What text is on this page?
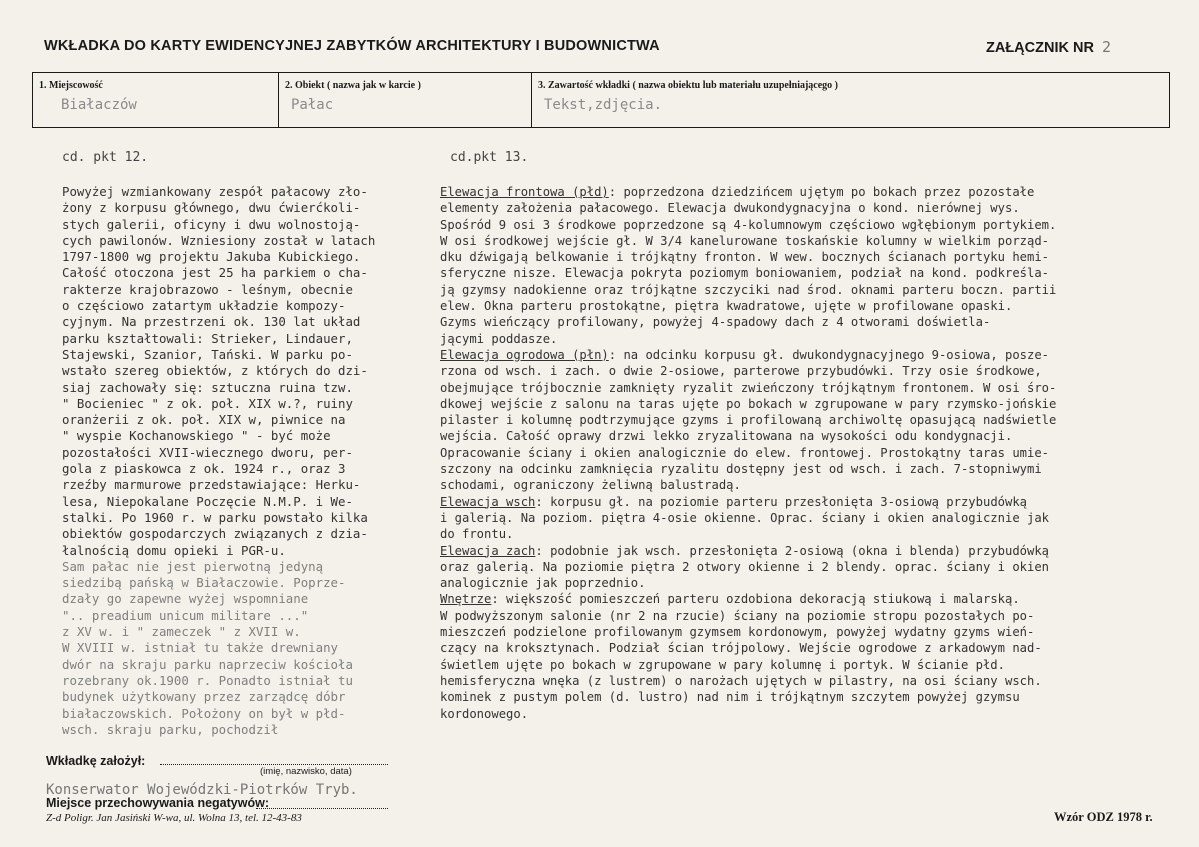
WKŁADKA DO KARTY EWIDENCYJNEJ ZABYTKÓW ARCHITEKTURY I BUDOWNICTWA	ZAŁĄCZNIK NR 2
1. Miejscowość
Białaczów
2. Obiekt ( nazwa jak w karcie )
Pałac
3. Zawartość wkładki ( nazwa obiektu lub materiału uzupełniającego )
Tekst,zdjęcia.
cd. pkt 12.	cd.pkt 13.
Powyżej wzmiankowany zespół pałacowy zło-
żony z korpusu głównego, dwu ćwierćkoli-
stych galerii, oficyny i dwu wolnostoją-
cych pawilonów. Wzniesiony został w latach
1797-1800 wg projektu Jakuba Kubickiego.
Całość otoczona jest 25 ha parkiem o cha-
rakterze krajobrazowo - leśnym, obecnie
o częściowo zatartym układzie kompozy-
cyjnym. Na przestrzeni ok. 130 lat układ
parku kształtowali: Strieker, Lindauer,
Stajewski, Szanior, Tański. W parku po-
wstało szereg obiektów, z których do dzi-
siaj zachowały się: sztuczna ruina tzw.
" Bocieniec " z ok. poł. XIX w.?, ruiny
oranżerii z ok. poł. XIX w, piwnice na
" wyspie Kochanowskiego " - być może
pozostałości XVII-wiecznego dworu, per-
gola z piaskowca z ok. 1924 r., oraz 3
rzeźby marmurowe przedstawiające: Herku-
lesa, Niepokalane Poczęcie N.M.P. i We-
stalki. Po 1960 r. w parku powstało kilka
obiektów gospodarczych związanych z dzia-
łalnością domu opieki i PGR-u.
Sam pałac nie jest pierwotną jedyną
siedzibą pańską w Białaczowie. Poprze-
dzały go zapewne wyżej wspomniane
".. preadium unicum militare ..."
z XV w. i " zameczek " z XVII w.
W XVIII w. istniał tu także drewniany
dwór na skraju parku naprzeciw kościoła
rozebrany ok.1900 r. Ponadto istniał tu
budynek użytkowany przez zarządcę dóbr
białaczowskich. Położony on był w płd-
wsch. skraju parku, pochodził
Elewacja frontowa (płd): poprzedzona dziedzińcem ujętym po bokach przez pozostałe
elementy założenia pałacowego. Elewacja dwukondygnacyjna o kond. nierównej wys.
Spośród 9 osi 3 środkowe poprzedzone są 4-kolumnowym częściowo wgłębionym portykiem.
W osi środkowej wejście gł. W 3/4 kanelurowane toskańskie kolumny w wielkim porząd-
dku dźwigają belkowanie i trójkątny fronton. W wew. bocznych ścianach portyku hemi-
sferyczne nisze. Elewacja pokryta poziomym boniowaniem, podział na kond. podkreśla-
ją gzymsy nadokienne oraz trójkątne szczyciki nad środ. oknami parteru boczn. partii
elew. Okna parteru prostokątne, piętra kwadratowe, ujęte w profilowane opaski.
Gzyms wieńczący profilowany, powyżej 4-spadowy dach z 4 otworami doświetla-
jącymi poddasze.
Elewacja ogrodowa (płn): na odcinku korpusu gł. dwukondygnacyjnego 9-osiowa, posze-
rzona od wsch. i zach. o dwie 2-osiowe, parterowe przybudówki. Trzy osie środkowe,
obejmujące trójbocznie zamknięty ryzalit zwieńczony trójkątnym frontonem. W osi śro-
dkowej wejście z salonu na taras ujęte po bokach w zgrupowane w pary rzymsko-jońskie
pilaster i kolumnę podtrzymujące gzyms i profilowaną archiwoltę opasującą nadświetle
wejścia. Całość oprawy drzwi lekko zryzalitowana na wysokości odu kondygnacji.
Opracowanie ściany i okien analogicznie do elew. frontowej. Prostokątny taras umie-
szczony na odcinku zamknięcia ryzalitu dostępny jest od wsch. i zach. 7-stopniwymi
schodami, ograniczony żeliwną balustradą.
Elewacja wsch: korpusu gł. na poziomie parteru przesłonięta 3-osiową przybudówką
i galerią. Na poziom. piętra 4-osie okienne. Oprac. ściany i okien analogicznie jak
do frontu.
Elewacja zach: podobnie jak wsch. przesłonięta 2-osiową (okna i blenda) przybudówką
oraz galerią. Na poziomie piętra 2 otwory okienne i 2 blendy. oprac. ściany i okien
analogicznie jak poprzednio.
Wnętrze: większość pomieszczeń parteru ozdobiona dekoracją stiukową i malarską.
W podwyższonym salonie (nr 2 na rzucie) ściany na poziomie stropu pozostałych po-
mieszczeń podzielone profilowanym gzymsem kordonowym, powyżej wydatny gzyms wień-
czący na kroksztynach. Podział ścian trójpolowy. Wejście ogrodowe z arkadowym nad-
świetlem ujęte po bokach w zgrupowane w pary kolumnę i portyk. W ścianie płd.
hemisferyczna wnęka (z lustrem) o narożach ujętych w pilastry, na osi ściany wsch.
kominek z pustym polem (d. lustro) nad nim i trójkątnym szczytem powyżej gzymsu
kordonowego.
Wkładkę założył:
(imię, nazwisko, data)
Konserwator Wojewódzki-Piotrków Tryb.
Miejsce przechowywania negatywów:
Z-d Poligr. Jan Jasiński W-wa, ul. Wolna 13, tel. 12-43-83	Wzór ODZ 1978 r.
